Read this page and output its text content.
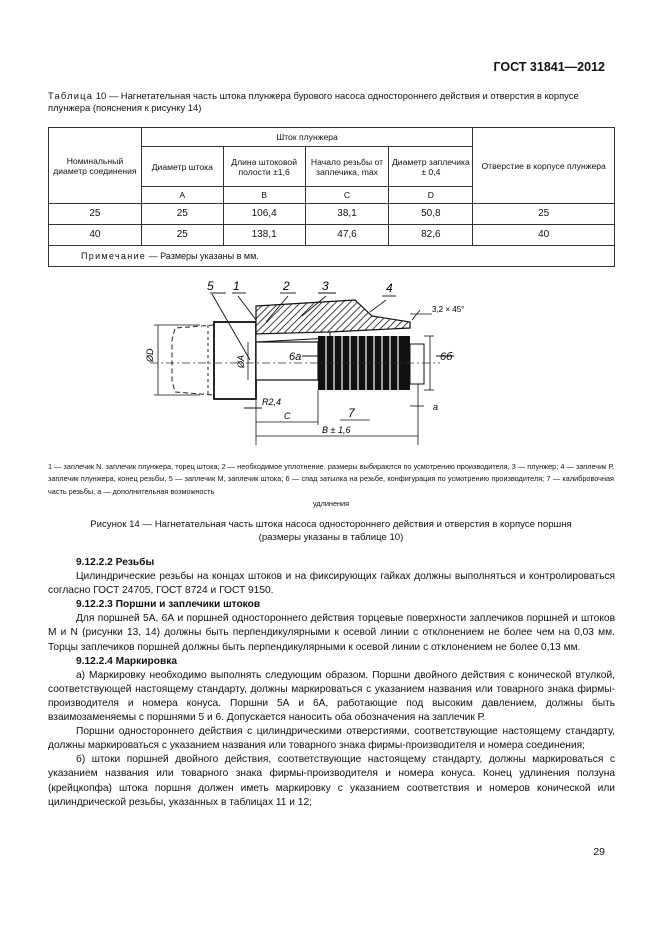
ГОСТ 31841—2012
Таблица 10 — Нагнетательная часть штока плунжера бурового насоса одностороннего действия и отверстия в корпусе плунжера (пояснения к рисунку 14)
Номинальный диаметр соединения	Шток плунжера				Отверстие в корпусе плунжера
	Диаметр штока	Длина штоковой полости ±1,6	Начало резьбы от заплечика, max	Диаметр заплечика ± 0,4	
	A	B	C	D	
25	25	106,4	38,1	50,8	25
40	25	138,1	47,6	82,6	40
Примечание — Размеры указаны в мм.					
5 1	2	3	4
7
ØD	ØA	6a	6б
3,2 × 45°
R2,4
C
B ± 1,6
a
1 — заплечик N. заплечик плунжера, торец штока; 2 — необходимое уплотнение. размеры выбираются по усмотрению производителя, 3 — плунжер; 4 — заплечик Р, заплечик плунжера, конец резьбы, 5 — заплечик М, заплечик штока; 6 — спад затылка на резьбе, конфигурация по усмотрению производителя; 7 — калибровочная часть резьбы, a — дополнительная возможность
удлинения
Рисунок 14 — Нагнетательная часть штока насоса одностороннего действия и отверстия в корпусе поршня
(размеры указаны в таблице 10)

9.12.2.2 Резьбы

Цилиндрические резьбы на концах штоков и на фиксирующих гайках должны выполняться и контролироваться согласно ГОСТ 24705, ГОСТ 8724 и ГОСТ 9150.

9.12.2.3 Поршни и заплечики штоков

Для поршней 5А, 6А и поршней одностороннего действия торцевые поверхности заплечиков поршней и штоков М и N (рисунки 13, 14) должны быть перпендикулярными к осевой линии с отклонением не более чем на 0,03 мм. Торцы заплечиков поршней должны быть перпендикулярными к осевой линии с отклонением не более 0,13 мм.

9.12.2.4 Маркировка

а) Маркировку необходимо выполнять следующим образом. Поршни двойного действия с конической втулкой, соответствующей настоящему стандарту, должны маркироваться с указанием названия или товарного знака фирмы-производителя и номера конуса. Поршни 5А и 6А, работающие под высоким давлением, должны быть взаимозаменяемы с поршнями 5 и 6. Допускается наносить оба обозначения на заплечик Р.

Поршни одностороннего действия с цилиндрическими отверстиями, соответствующие настоящему стандарту, должны маркироваться с указанием названия или товарного знака фирмы-производителя и номера соединения;

б) штоки поршней двойного действия, соответствующие настоящему стандарту, должны маркироваться с указанием названия или товарного знака фирмы-производителя и номера конуса. Конец удлинения ползуна (крейцкопфа) штока поршня должен иметь маркировку с указанием соответствия и номеров конической или цилиндрической резьбы, указанных в таблицах 11 и 12;

29
